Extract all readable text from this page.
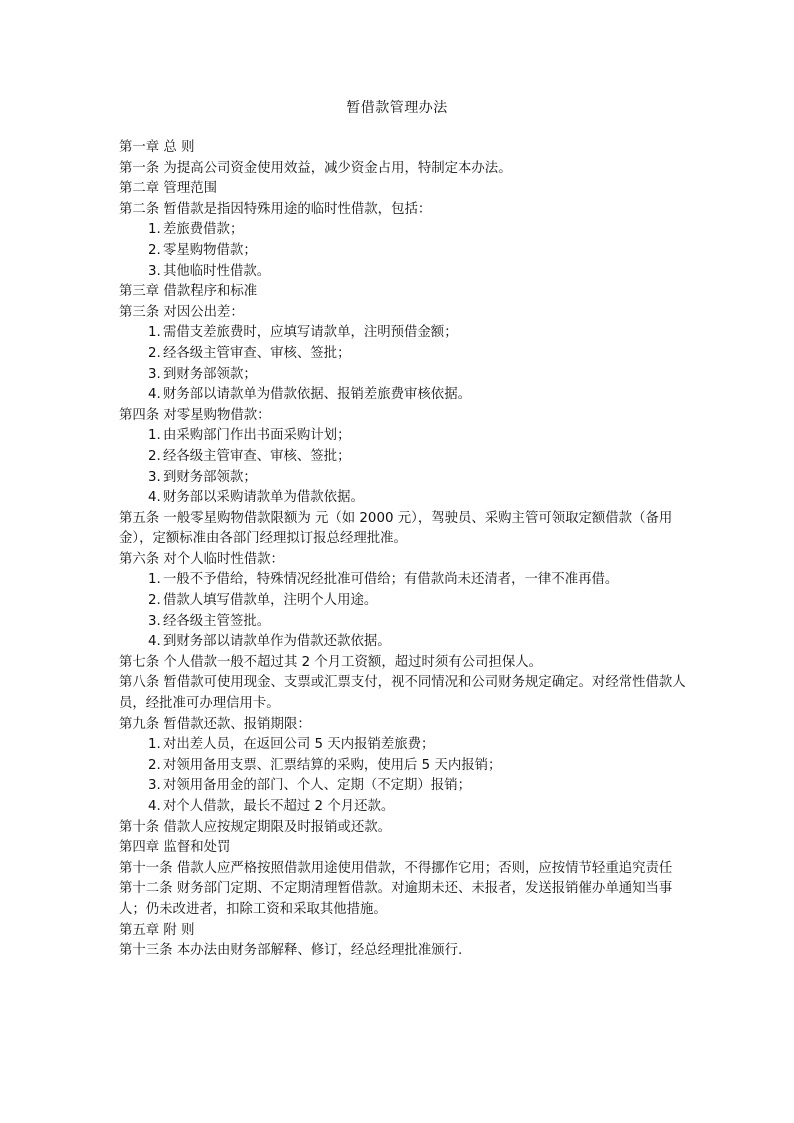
暂借款管理办法
第一章 总 则
第一条 为提高公司资金使用效益，减少资金占用，特制定本办法。
第二章 管理范围
第二条 暂借款是指因特殊用途的临时性借款，包括：
1. 差旅费借款；
2. 零星购物借款；
3. 其他临时性借款。
第三章 借款程序和标准
第三条 对因公出差：
1. 需借支差旅费时，应填写请款单，注明预借金额；
2. 经各级主管审查、审核、签批；
3. 到财务部领款；
4. 财务部以请款单为借款依据、报销差旅费审核依据。
第四条 对零星购物借款：
1. 由采购部门作出书面采购计划；
2. 经各级主管审查、审核、签批；
3. 到财务部领款；
4. 财务部以采购请款单为借款依据。
第五条 一般零星购物借款限额为 元（如 2000 元），驾驶员、采购主管可领取定额借款（备用金），定额标准由各部门经理拟订报总经理批准。
第六条 对个人临时性借款：
1. 一般不予借给，特殊情况经批准可借给；有借款尚未还清者，一律不准再借。
2. 借款人填写借款单，注明个人用途。
3. 经各级主管签批。
4. 到财务部以请款单作为借款还款依据。
第七条 个人借款一般不超过其 2 个月工资额，超过时须有公司担保人。
第八条 暂借款可使用现金、支票或汇票支付，视不同情况和公司财务规定确定。对经常性借款人员，经批准可办理信用卡。
第九条 暂借款还款、报销期限：
1. 对出差人员，在返回公司 5 天内报销差旅费；
2. 对领用备用支票、汇票结算的采购，使用后 5 天内报销；
3. 对领用备用金的部门、个人、定期（不定期）报销；
4. 对个人借款，最长不超过 2 个月还款。
第十条 借款人应按规定期限及时报销或还款。
第四章 监督和处罚
第十一条 借款人应严格按照借款用途使用借款，不得挪作它用；否则，应按情节轻重追究责任
第十二条 财务部门定期、不定期清理暂借款。对逾期未还、未报者，发送报销催办单通知当事人；仍未改进者，扣除工资和采取其他措施。
第五章 附 则
第十三条 本办法由财务部解释、修订，经总经理批准颁行.
